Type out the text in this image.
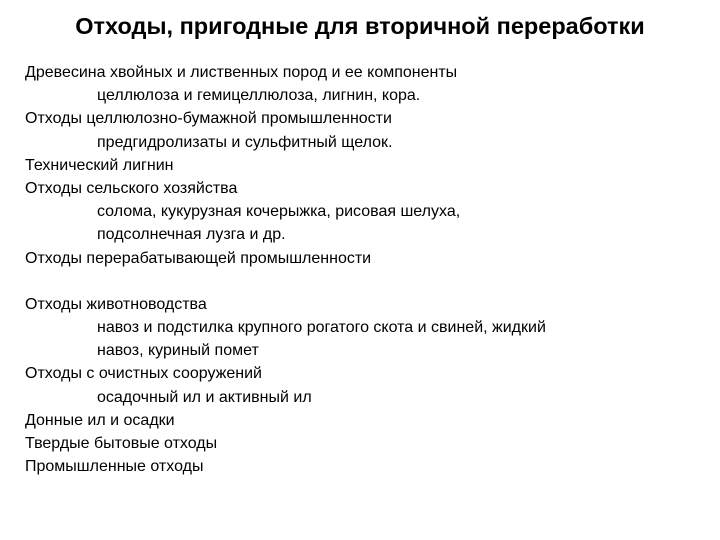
Отходы, пригодные для вторичной переработки
Древесина хвойных и лиственных пород и ее компоненты
целлюлоза и гемицеллюлоза, лигнин, кора.
Отходы целлюлозно-бумажной промышленности
предгидролизаты и сульфитный щелок.
Технический лигнин
Отходы сельского хозяйства
солома, кукурузная кочерыжка, рисовая шелуха,
подсолнечная лузга и др.
Отходы перерабатывающей промышленности
Отходы животноводства
навоз и подстилка крупного рогатого скота и свиней, жидкий
навоз, куриный помет
Отходы с очистных сооружений
осадочный ил и активный ил
Донные ил и осадки
Твердые бытовые отходы
Промышленные отходы
